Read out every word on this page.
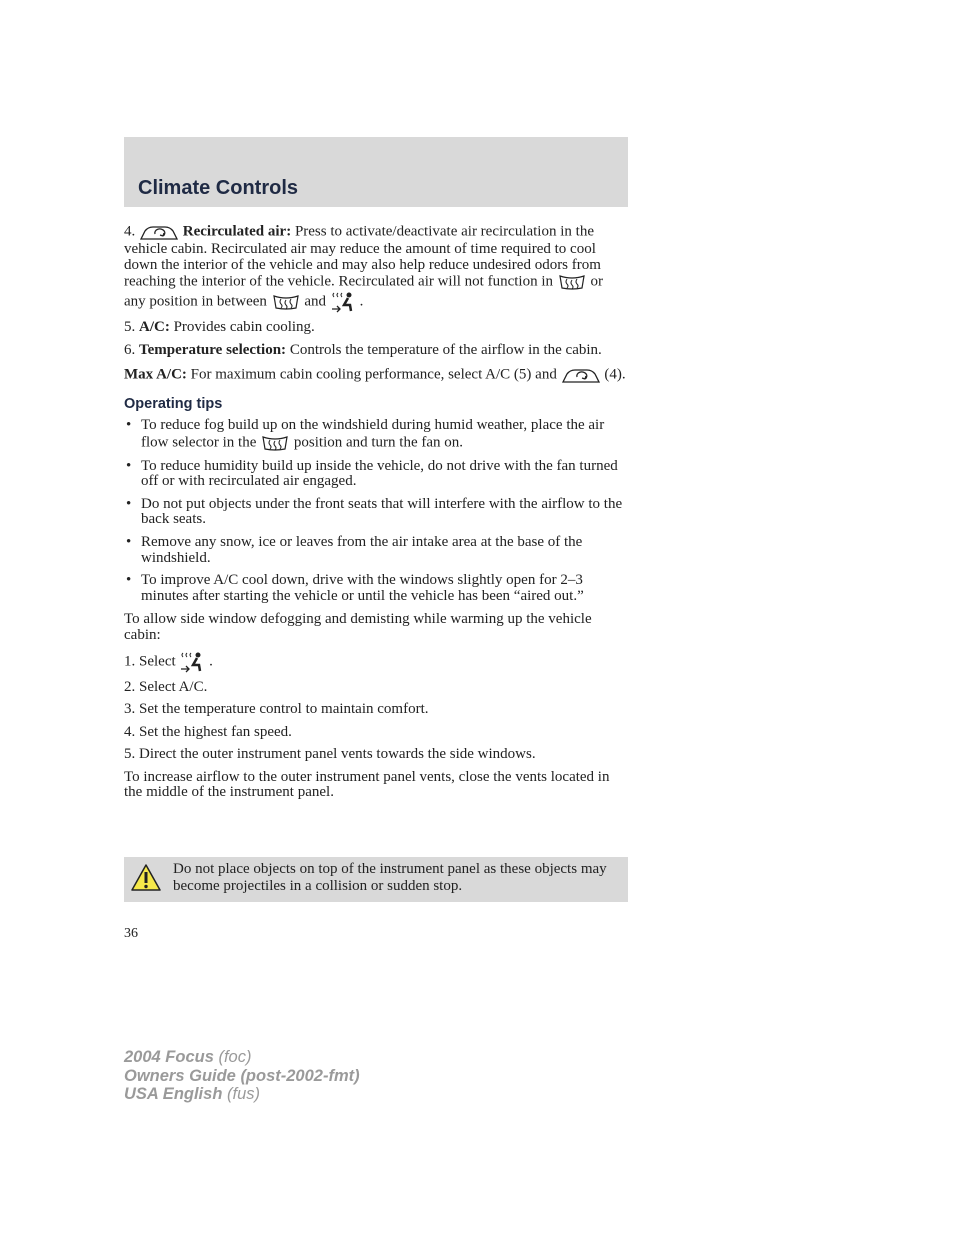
Climate Controls

4.	Recirculated air: Press to activate/deactivate air recirculation in the vehicle cabin. Recirculated air may reduce the amount of time required to cool down the interior of the vehicle and may also help reduce undesired odors from reaching the interior of the vehicle. Recirculated air will not function in
or any position in between
and
.

5. A/C: Provides cabin cooling.

6. Temperature selection: Controls the temperature of the airflow in the cabin.

Max A/C: For maximum cabin cooling performance, select A/C (5) and	(4).

Operating tips
• To reduce fog build up on the windshield during humid weather, place the air flow selector in the
position and turn the fan on.
• To reduce humidity build up inside the vehicle, do not drive with the fan turned off or with recirculated air engaged.
• Do not put objects under the front seats that will interfere with the airflow to the back seats.
• Remove any snow, ice or leaves from the air intake area at the base of the windshield.
• To improve A/C cool down, drive with the windows slightly open for 2–3 minutes after starting the vehicle or until the vehicle has been “aired out.”

To allow side window defogging and demisting while warming up the vehicle cabin:

1. Select
.
2. Select A/C.
3. Set the temperature control to maintain comfort.
4. Set the highest fan speed.
5. Direct the outer instrument panel vents towards the side windows.

To increase airflow to the outer instrument panel vents, close the vents located in the middle of the instrument panel.

Do not place objects on top of the instrument panel as these objects may become projectiles in a collision or sudden stop.
36
2004 Focus (foc)
Owners Guide (post-2002-fmt)
USA English (fus)
